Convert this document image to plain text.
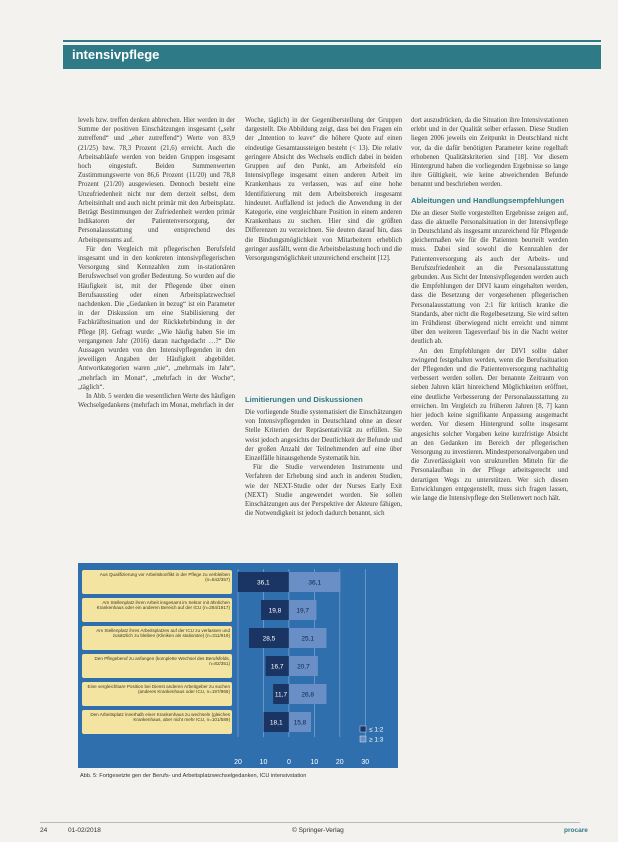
intensivpflege

levels bzw. treffen denken abbrechen. Hier werden in der Summe der positiven Einschätzungen insgesamt („sehr zutreffend“ und „eher zutreffend“) Werte von 83,9 (21/25) bzw. 78,3 Prozent (21,6) erreicht. Auch die Arbeitsabläufe werden von beiden Gruppen insgesamt hoch eingestuft. Beiden Summenwerten Zustimmungswerte von 86,6 Prozent (11/20) und 78,8 Prozent (21/20) ausgewiesen. Dennoch besteht eine Unzufriedenheit nicht nur dem derzeit selbst, dem Arbeitsinhalt und auch nicht primär mit den Arbeitsplatz. Beträgt Bestimmungen der Zufriedenheit werden primär Indikatoren der Patientenversorgung, der Personalausstattung und entsprechend des Arbeitspensums auf.

Für den Vergleich mit pflegerischen Berufsfeld insgesamt und in den konkreten intensivpflegerischen Versorgung sind Kennzahlen zum in-stationären Berufswechsel von großer Bedeutung. So wurden auf die Häufigkeit ist, mit der Pflegende über einen Berufsausstieg oder einen Arbeitsplatzwechsel nachdenken. Die „Gedanken in bezug“ ist ein Parameter in der Diskussion um eine Stabilisierung der Fachkräftesituation und der Rückkehrbindung in der Pflege [8]. Gefragt wurde: „Wie häufig haben Sie im vergangenen Jahr (2016) daran nachgedacht …?“ Die Aussagen wurden von den Intensivpflegenden in den jeweiligen Angaben der Häufigkeit abgebildet. Antwortkategorien waren „nie“, „mehrmals im Jahr“, „mehrfach im Monat“, „mehrfach in der Woche“, „täglich“.

In Abb. 5 werden die wesentlichen Werte des häufigen Wechselgedankens (mehrfach im Monat, mehrfach in der

Woche, täglich) in der Gegenüberstellung der Gruppen dargestellt. Die Abbildung zeigt, dass bei den Fragen ein der „Intention to leave“ die höhere Quote auf einen eindeutige Gesamtaussteigen besteht (< 13). Die relativ geringere Absicht des Wechsels endlich dabei in beiden Gruppen auf den Punkt, am Arbeitsfeld ein Intensivpflege insgesamt einen anderen Arbeit im Krankenhaus zu verlassen, was auf eine hohe Identifizierung mit dem Arbeitsbereich insgesamt hindeutet. Auffallend ist jedoch die Anwendung in der Kategorie, eine vergleichbare Position in einem anderen Krankenhaus zu suchen. Hier sind die größten Differenzen zu verzeichnen. Sie deuten darauf hin, dass die Bindungsmöglichkeit von Mitarbeitern erheblich geringer ausfällt, wenn die Arbeitsbelastung hoch und die Versorgungsmöglichkeit unzureichend erscheint [12].

Limitierungen und Diskussionen

Die vorliegende Studie systematisiert die Einschätzungen von Intensivpflegenden in Deutschland ohne an dieser Stelle Kriterien der Repräsentativität zu erfüllen. Sie weist jedoch angesichts der Deutlichkeit der Befunde und der großen Anzahl der Teilnehmenden auf eine über Einzelfälle hinausgehende Systematik hin.

Für die Studie verwendeten Instrumente und Verfahren der Erhebung sind auch in anderen Studien, wie der NEXT-Studie oder der Nurses Early Exit (NEXT) Studie angewendet worden. Sie sollen Einschätzungen aus der Perspektive der Akteure fähigen, die Notwendigkeit ist jedoch dadurch benannt, sich

dort auszudrücken, da die Situation ihre Intensivstationen erlebt und in der Qualität selber erfassen. Diese Studien liegen 2006 jeweils ein Zeitpunkt in Deutschland nicht vor, da die dafür benötigten Parameter keine regelhaft erhobenen Qualitätskriterien sind [18]. Vor diesem Hintergrund haben die vorliegenden Ergebnisse so lange ihre Gültigkeit, wie keine abweichenden Befunde benannt und beschrieben werden.

Ableitungen und Handlungsempfehlungen

Die an dieser Stelle vorgestellten Ergebnisse zeigen auf, dass die aktuelle Personalsituation in der Intensivpflege in Deutschland als insgesamt unzureichend für Pflegende gleichermaßen wie für die Patienten beurteilt werden muss. Dabei sind sowohl die Kennzahlen der Patientenversorgung als auch der Arbeits- und Berufszufriedenheit an die Personalausstattung gebunden. Aus Sicht der Intensivpflegenden werden auch die Empfehlungen der DIVI kaum eingehalten werden, dass die Besetzung der vorgesehenen pflegerischen Personalausstattung von 2:1 für kritisch kranke die Standards, aber nicht die Regelbesetzung. Sie wird selten im Frühdienst überwiegend nicht erreicht und nimmt über den weiteren Tagesverlauf bis in die Nacht weiter deutlich ab.

An den Empfehlungen der DIVI sollte daher zwingend festgehalten werden, wenn die Berufssituation der Pflegenden und die Patientenversorgung nachhaltig verbessert werden sollen. Der benannte Zeitraum von sieben Jahren klärt hinreichend Möglichkeiten eröffnet, eine deutliche Verbesserung der Personalausstattung zu erreichen. Im Vergleich zu früheren Jahren [8, 7] kann hier jedoch keine signifikante Anpassung ausgemacht werden. Vor diesem Hintergrund sollte insgesamt angesichts solcher Vorgaben keine kurzfristige Absicht an den Gedanken im Bereich der pflegerischen Versorgung zu investieren. Mindestpersonalvorgaben und die Zuverlässigkeit von strukturellen Mitteln für die Personalaufbau in der Pflege arbeitsgerecht und derartigen Wegs zu unterstützen. Wer sich diesen Entwicklungen entgegenstellt, muss sich fragen lassen, wie lange die Intensivpflege den Stellenwert noch hält.

20	10	0	10	20	30
Aus Qualifizierung vor Arbeitskonflikt in der Pflege zu verbleiben (n=542/357)	36,1	36,1
Am Stellenplatz ihren Arbeit insgesamt im Sektor mit ähnlichen Krankenhaus oder ein anderen Bereich auf der ICU (n=284/1917)	19,8 19,7
Am Stellenplatz ihres Arbeitsplatzes auf der ICU zu verlassen und zusätzlich zu bleiben (Kliniken als stationäre) (n=311/919)	28,5	25,1
Den Pflegeberuf zu anfangen (komplette Wechsel des Berufsfelds, n=82/351)	16,7 20,7
Eine vergleichbare Position bei Dienst anderen Arbeitgeber zu suchen (anderes Krankenhaus oder ICU, n=197/966)	11,7 26,8
Den Arbeitsplatz innerhalb einer Krankenhaus zu wechseln (gleiches Krankenhaus, aber nicht mehr ICU, n=101/589)	18,1 15,8
≤ 1:2
≥ 1:3
Abb. 5: Fortgesetzte gen der Berufs- und Arbeitsplatzwechselgedanken, ICU intensivstation
24	01-02/2018	© Springer-Verlag	procare
